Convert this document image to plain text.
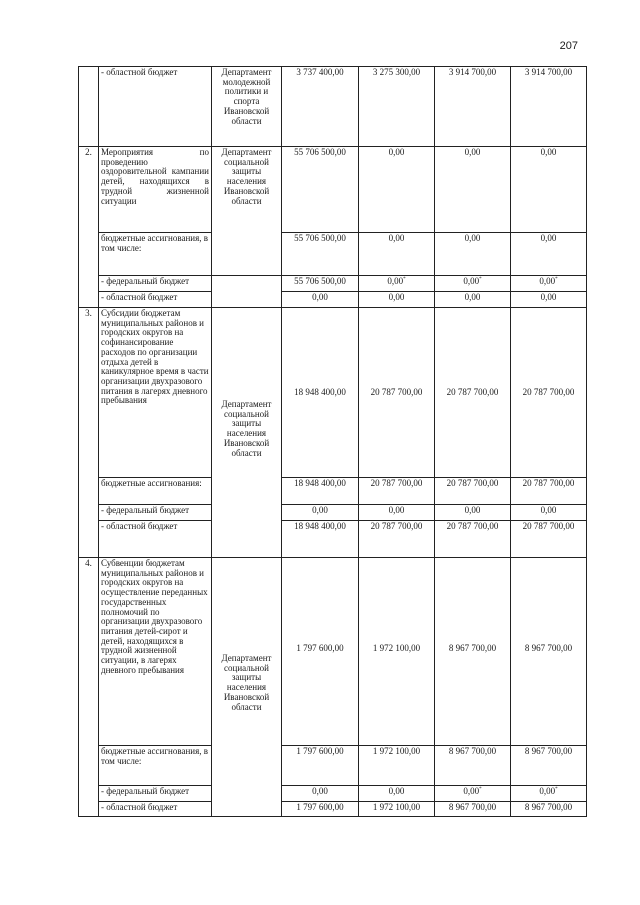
207
	- областной бюджет	Департамент молодежной политики и спорта Ивановской области	3 737 400,00	3 275 300,00	3 914 700,00	3 914 700,00
2.	Мероприятия по проведению оздоровительной кампании детей, находящихся в трудной жизненной ситуации	Департамент социальной защиты населения Ивановской области	55 706 500,00	0,00	0,00	0,00
	бюджетные ассигнования, в том числе:		55 706 500,00	0,00	0,00	0,00
	- федеральный бюджет		55 706 500,00	0,00*	0,00*	0,00*
	- областной бюджет		0,00	0,00	0,00	0,00
3.	Субсидии бюджетам муниципальных районов и городских округов на софинансирование расходов по организации отдыха детей в каникулярное время в части организации двухразового питания в лагерях дневного пребывания	Департамент социальной защиты населения Ивановской области	18 948 400,00	20 787 700,00	20 787 700,00	20 787 700,00
	бюджетные ассигнования:		18 948 400,00	20 787 700,00	20 787 700,00	20 787 700,00
	- федеральный бюджет		0,00	0,00	0,00	0,00
	- областной бюджет		18 948 400,00	20 787 700,00	20 787 700,00	20 787 700,00
4.	Субвенции бюджетам муниципальных районов и городских округов на осуществление переданных государственных полномочий по организации двухразового питания детей-сирот и детей, находящихся в трудной жизненной ситуации, в лагерях дневного пребывания	Департамент социальной защиты населения Ивановской области	1 797 600,00	1 972 100,00	8 967 700,00	8 967 700,00
	бюджетные ассигнования, в том числе:		1 797 600,00	1 972 100,00	8 967 700,00	8 967 700,00
	- федеральный бюджет		0,00	0,00	0,00*	0,00*
	- областной бюджет		1 797 600,00	1 972 100,00	8 967 700,00	8 967 700,00
